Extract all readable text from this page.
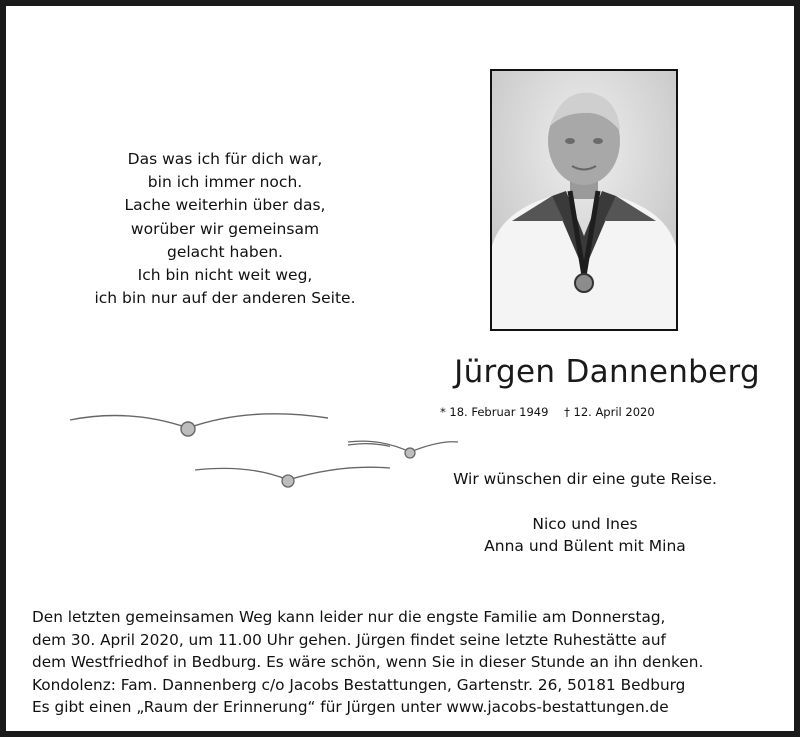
Das was ich für dich war,
bin ich immer noch.
Lache weiterhin über das,
worüber wir gemeinsam
gelacht haben.
Ich bin nicht weit weg,
ich bin nur auf der anderen Seite.
Jürgen Dannenberg
* 18. Februar 1949 † 12. April 2020
Wir wünschen dir eine gute Reise.
Nico und Ines
Anna und Bülent mit Mina
Den letzten gemeinsamen Weg kann leider nur die engste Familie am Donnerstag,
dem 30. April 2020, um 11.00 Uhr gehen. Jürgen findet seine letzte Ruhestätte auf
dem Westfriedhof in Bedburg. Es wäre schön, wenn Sie in dieser Stunde an ihn denken.
Kondolenz: Fam. Dannenberg c/o Jacobs Bestattungen, Gartenstr. 26, 50181 Bedburg
Es gibt einen „Raum der Erinnerung“ für Jürgen unter www.jacobs-bestattungen.de
